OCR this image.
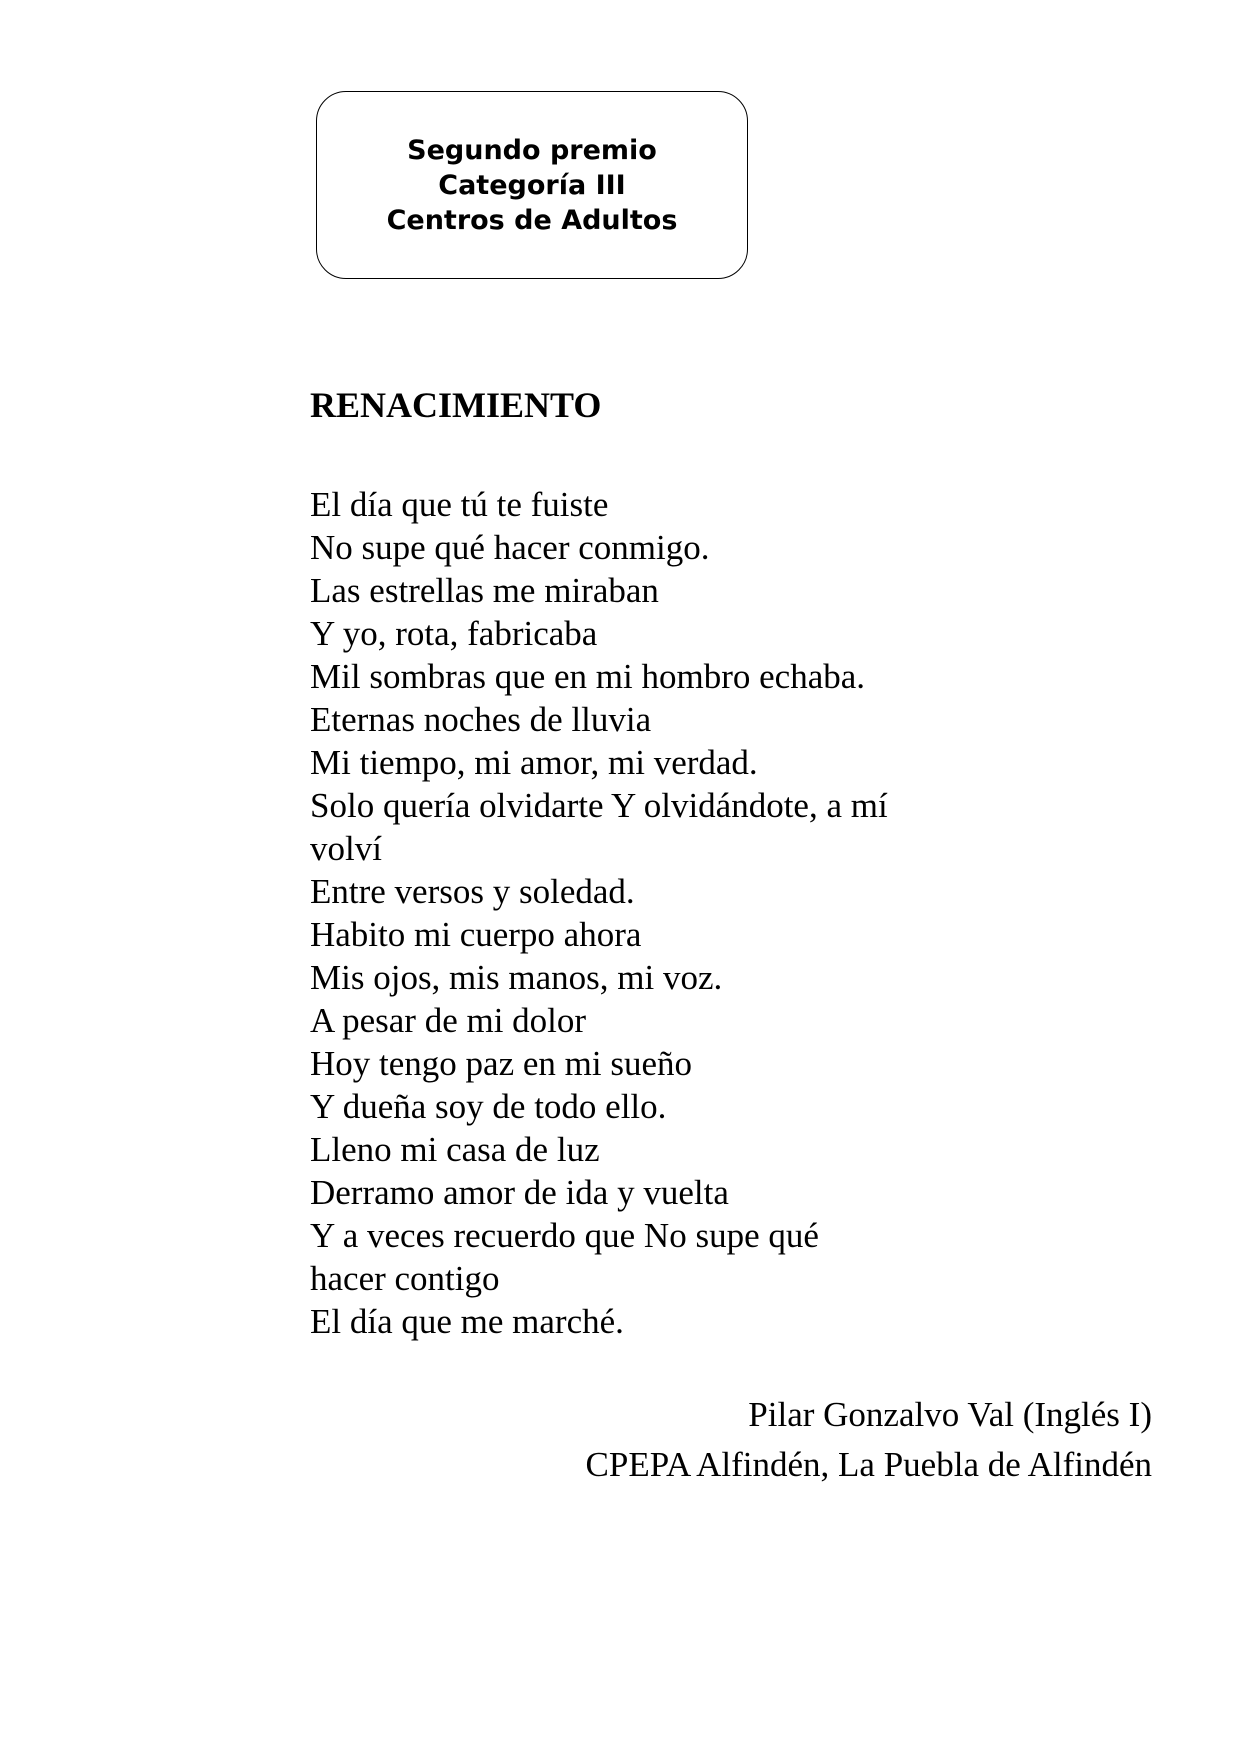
Segundo premio
Categoría III
Centros de Adultos
RENACIMIENTO
El día que tú te fuiste
No supe qué hacer conmigo.
Las estrellas me miraban
Y yo, rota, fabricaba
Mil sombras que en mi hombro echaba.
Eternas noches de lluvia
Mi tiempo, mi amor, mi verdad.
Solo quería olvidarte Y olvidándote, a mí
volví
Entre versos y soledad.
Habito mi cuerpo ahora
Mis ojos, mis manos, mi voz.
A pesar de mi dolor
Hoy tengo paz en mi sueño
Y dueña soy de todo ello.
Lleno mi casa de luz
Derramo amor de ida y vuelta
Y a veces recuerdo que No supe qué
hacer contigo
El día que me marché.
Pilar Gonzalvo Val (Inglés I)
CPEPA Alfindén, La Puebla de Alfindén
